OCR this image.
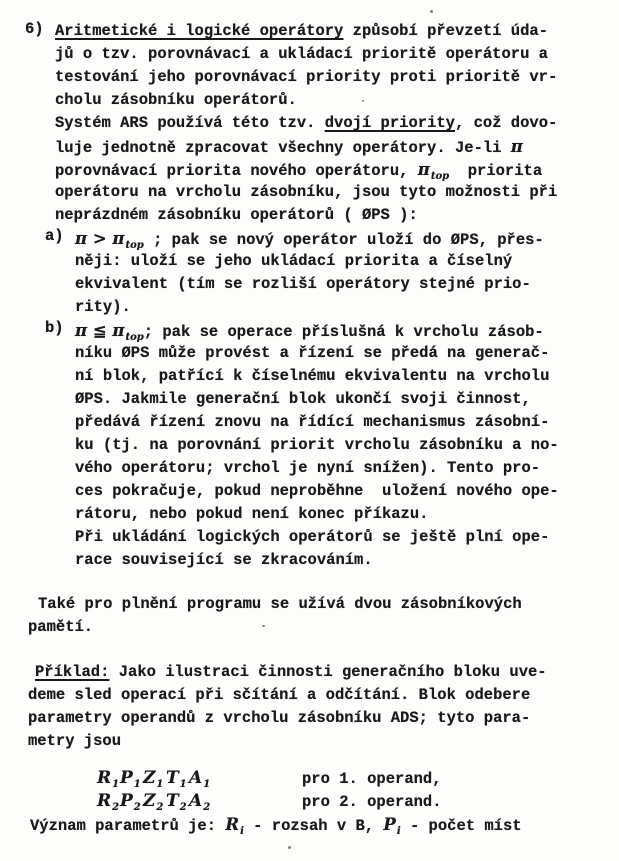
6) Aritmetické i logické operátory způsobí převzetí úda-
jů o tzv. porovnávací a ukládací prioritě operátoru a
testování jeho porovnávací priority proti prioritě vr-
cholu zásobníku operátorů.
Systém ARS používá této tzv. dvojí priority, což dovo-
luje jednotně zpracovat všechny operátory. Je-li π
porovnávací priorita nového operátoru, $\pi_{top}$  priorita
operátoru na vrcholu zásobníku, jsou tyto možnosti při
neprázdném zásobníku operátorů ( ØPS ):
a) $\pi > \pi_{top}$ ; pak se nový operátor uloží do ØPS, přes-
něji: uloží se jeho ukládací priorita a číselný
ekvivalent (tím se rozliší operátory stejné prio-
rity).
b) π ≦ $\pi_{top}$; pak se operace příslušná k vrcholu zásob-
níku ØPS může provést a řízení se předá na generač-
ní blok, patřící k číselnému ekvivalentu na vrcholu
ØPS. Jakmile generační blok ukončí svoji činnost,
předává řízení znovu na řídící mechanismus zásobní-
ku (tj. na porovnání priorit vrcholu zásobníku a no-
vého operátoru; vrchol je nyní snížen). Tento pro-
ces pokračuje, pokud neproběhne  uložení nového ope-
rátoru, nebo pokud není konec příkazu.
Při ukládání logických operátorů se ještě plní ope-
race související se zkracováním.
Také pro plnění programu se užívá dvou zásobníkových
pamětí.
Příklad: Jako ilustraci činnosti generačního bloku uve-
deme sled operací při sčítání a odčítání. Blok odebere
parametry operandů z vrcholu zásobníku ADS; tyto para-
metry jsou
$R_1$ $P_1$ $Z_1$ $T_1$ $A_1$	pro 1. operand,
$R_2$ $P_2$ $Z_2$ $T_2$ $A_2$	pro 2. operand.
Význam parametrů je: $R_i$ - rozsah v B, $P_i$ - počet míst
